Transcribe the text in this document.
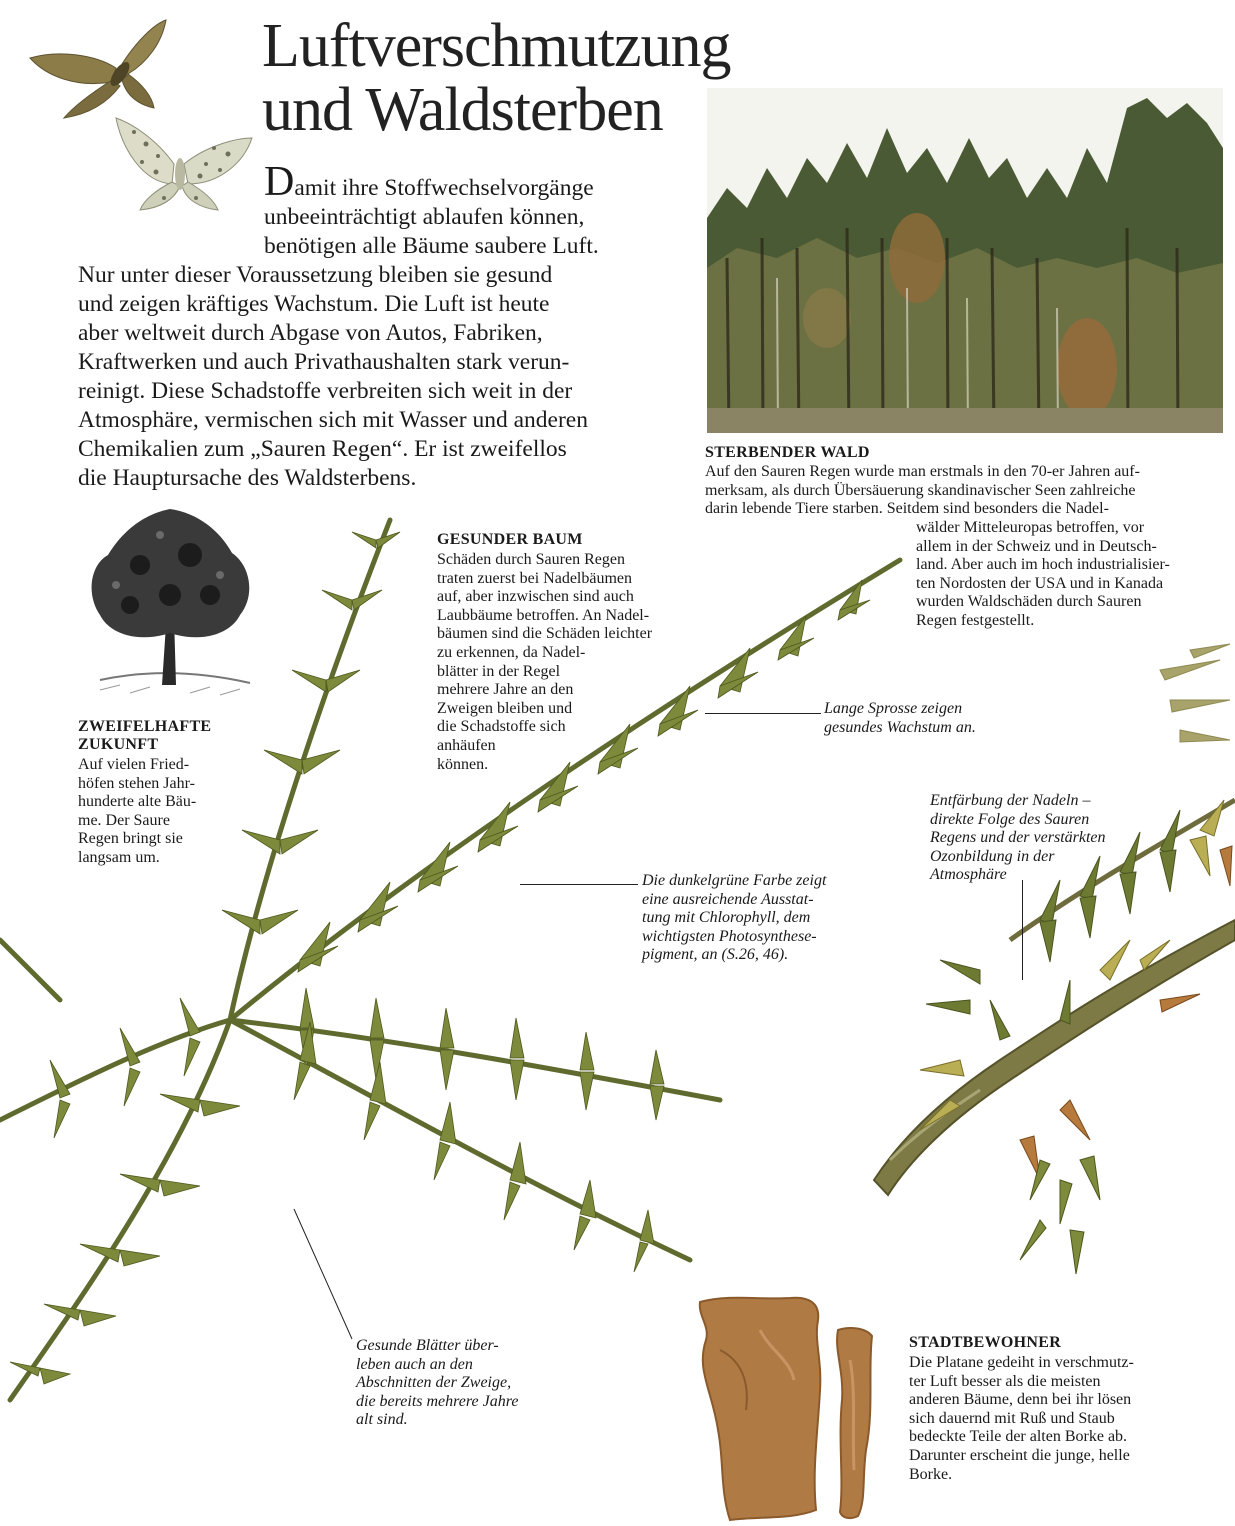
Luftverschmutzung
und Waldsterben
Damit ihre Stoffwechselvorgänge
unbeeinträchtigt ablaufen können,
benötigen alle Bäume saubere Luft.
Nur unter dieser Voraussetzung bleiben sie gesund
und zeigen kräftiges Wachstum. Die Luft ist heute
aber weltweit durch Abgase von Autos, Fabriken,
Kraftwerken und auch Privathaushalten stark verun-
reinigt. Diese Schadstoffe verbreiten sich weit in der
Atmosphäre, vermischen sich mit Wasser und anderen
Chemikalien zum „Sauren Regen“. Er ist zweifellos
die Hauptursache des Waldsterbens.
STERBENDER WALD
Auf den Sauren Regen wurde man erstmals in den 70-er Jahren auf-
merksam, als durch Übersäuerung skandinavischer Seen zahlreiche
darin lebende Tiere starben. Seitdem sind besonders die Nadel-
wälder Mitteleuropas betroffen, vor
allem in der Schweiz und in Deutsch-
land. Aber auch im hoch industrialisier-
ten Nordosten der USA und in Kanada
wurden Waldschäden durch Sauren
Regen festgestellt.
GESUNDER BAUM
Schäden durch Sauren Regen
traten zuerst bei Nadelbäumen
auf, aber inzwischen sind auch
Laubbäume betroffen. An Nadel-
bäumen sind die Schäden leichter
zu erkennen, da Nadel-
blätter in der Regel
mehrere Jahre an den
Zweigen bleiben und
die Schadstoffe sich
anhäufen
können.
ZWEIFELHAFTE
ZUKUNFT
Auf vielen Fried-
höfen stehen Jahr-
hunderte alte Bäu-
me. Der Saure
Regen bringt sie
langsam um.
Lange Sprosse zeigen
gesundes Wachstum an.
Entfärbung der Nadeln –
direkte Folge des Sauren
Regens und der verstärkten
Ozonbildung in der
Atmosphäre
Die dunkelgrüne Farbe zeigt
eine ausreichende Ausstat-
tung mit Chlorophyll, dem
wichtigsten Photosynthese-
pigment, an (S.26, 46).
Gesunde Blätter über-
leben auch an den
Abschnitten der Zweige,
die bereits mehrere Jahre
alt sind.
STADTBEWOHNER
Die Platane gedeiht in verschmutz-
ter Luft besser als die meisten
anderen Bäume, denn bei ihr lösen
sich dauernd mit Ruß und Staub
bedeckte Teile der alten Borke ab.
Darunter erscheint die junge, helle
Borke.
